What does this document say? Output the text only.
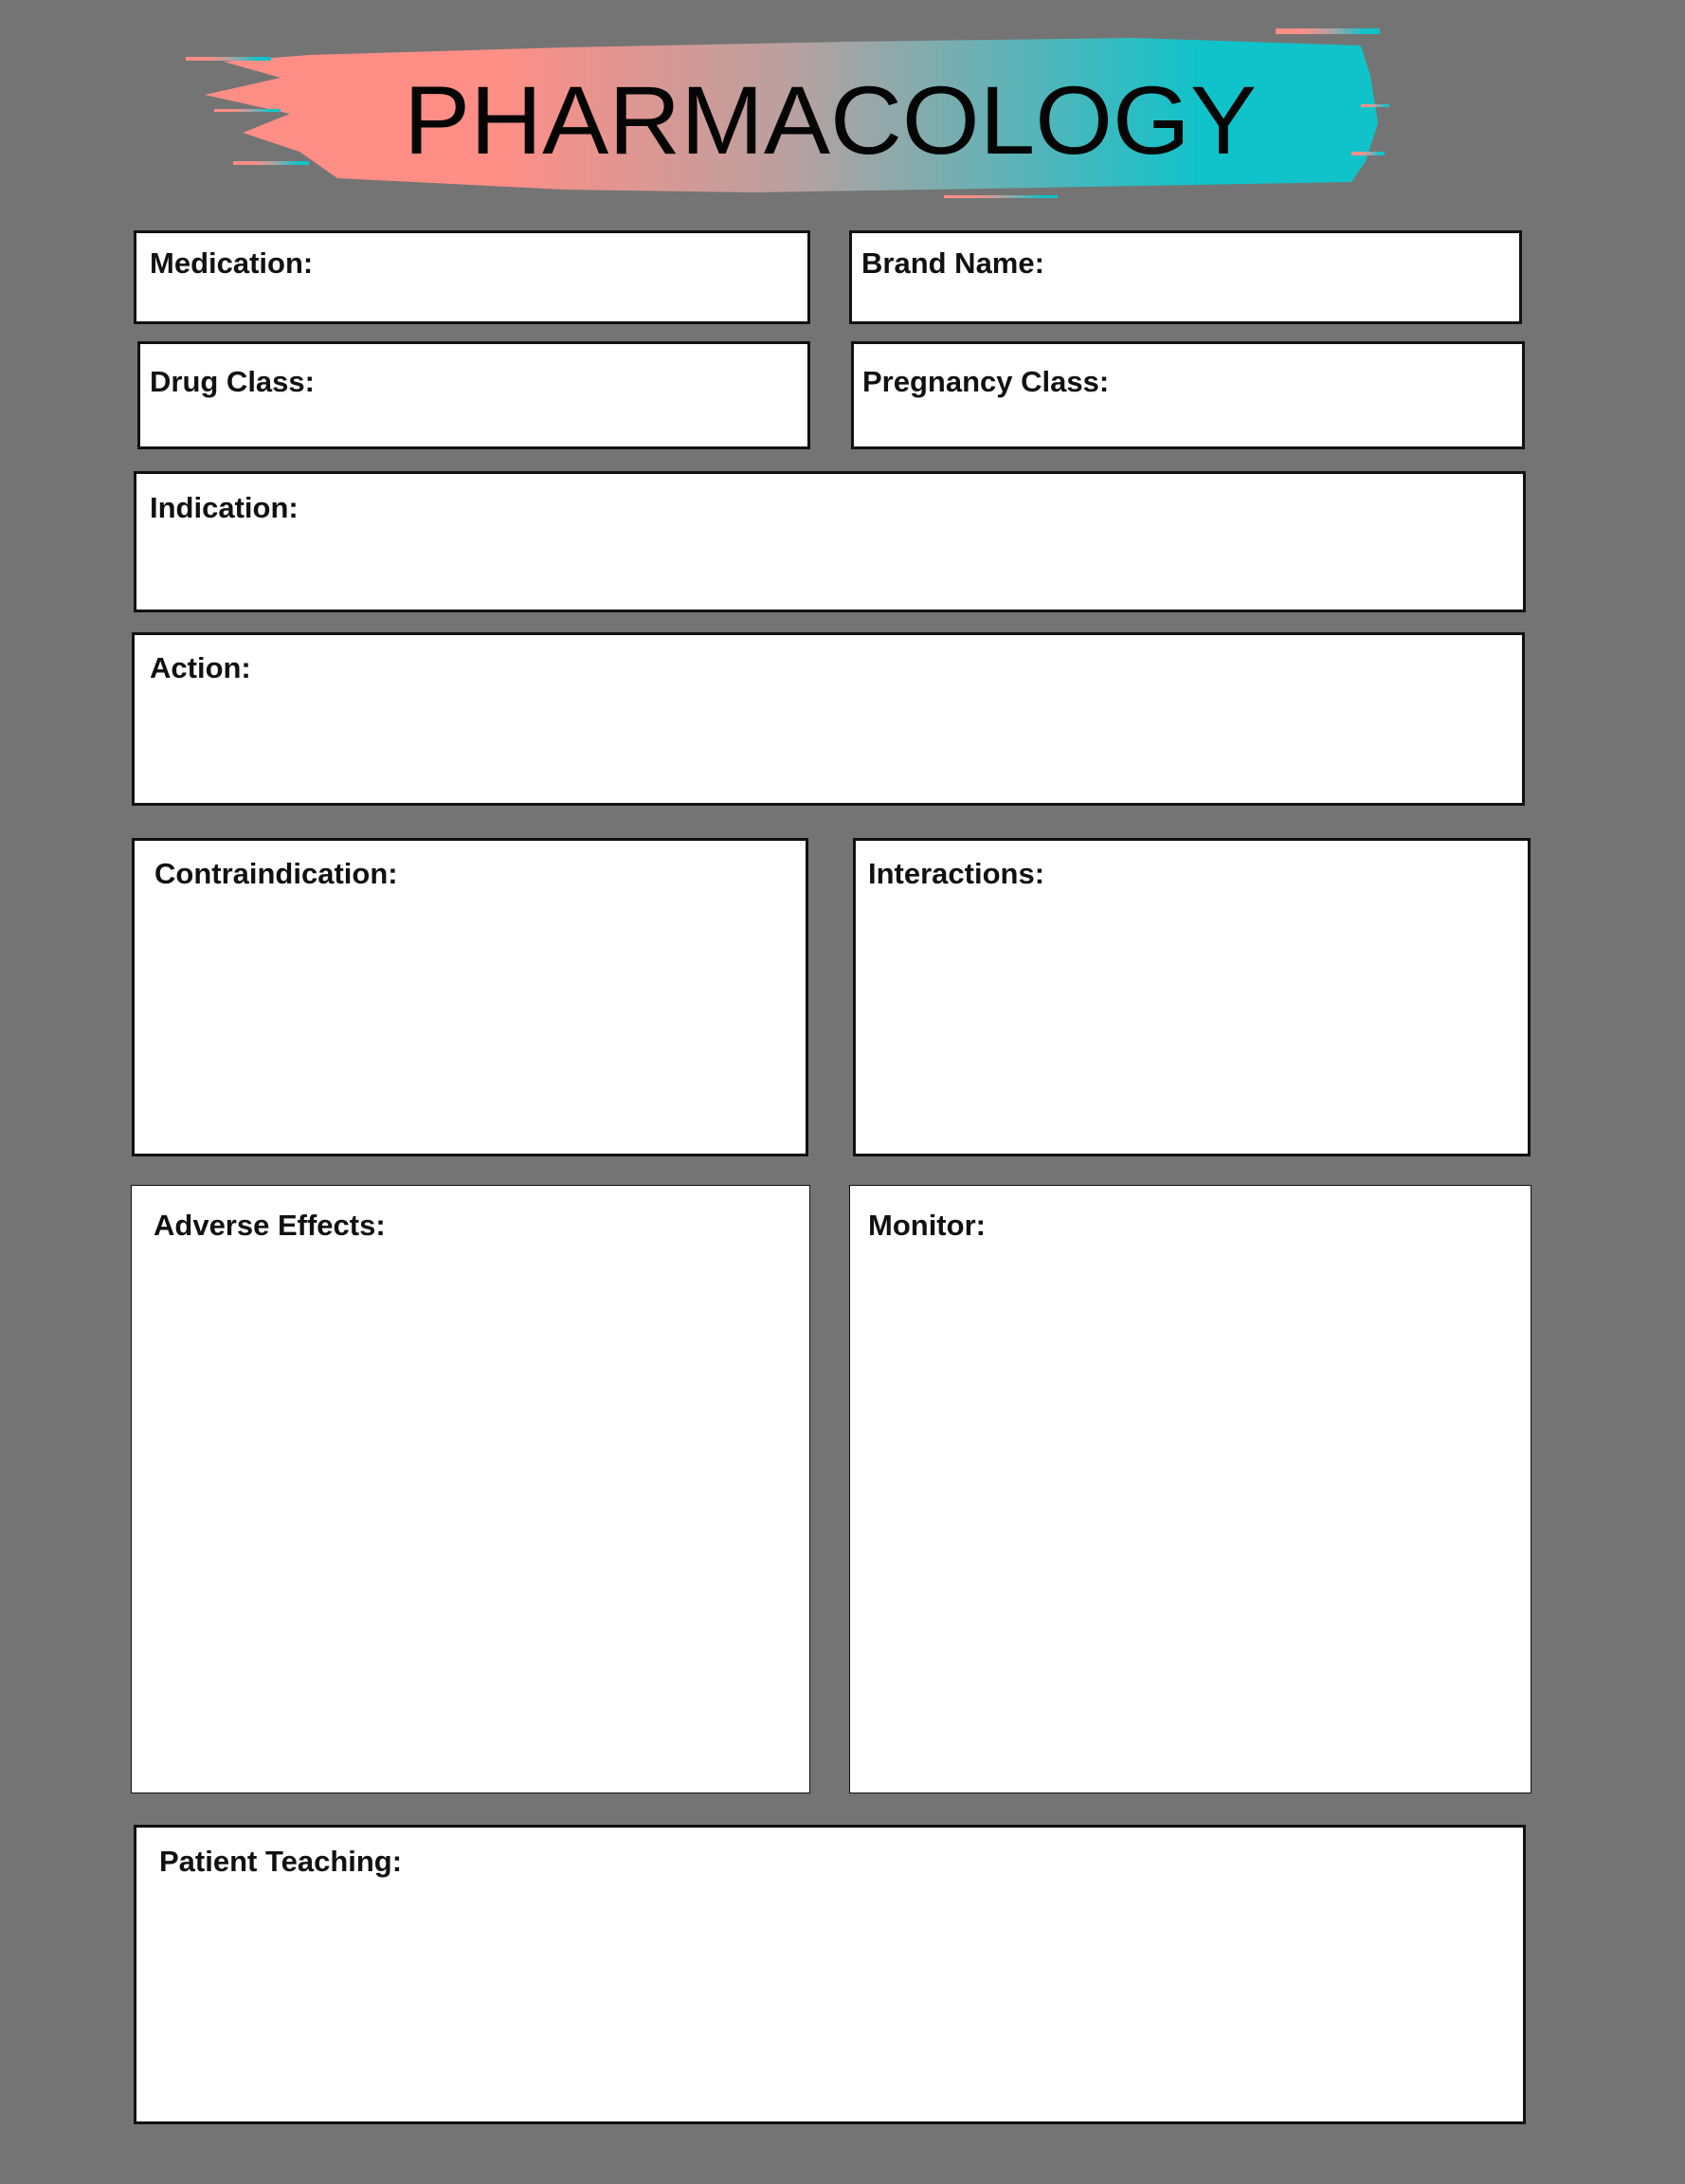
PHARMACOLOGY
Medication:	Brand Name:
Drug Class:	Pregnancy Class:
Indication:
Action:
Contraindication:	Interactions:
Adverse Effects:	Monitor:
Patient Teaching:
